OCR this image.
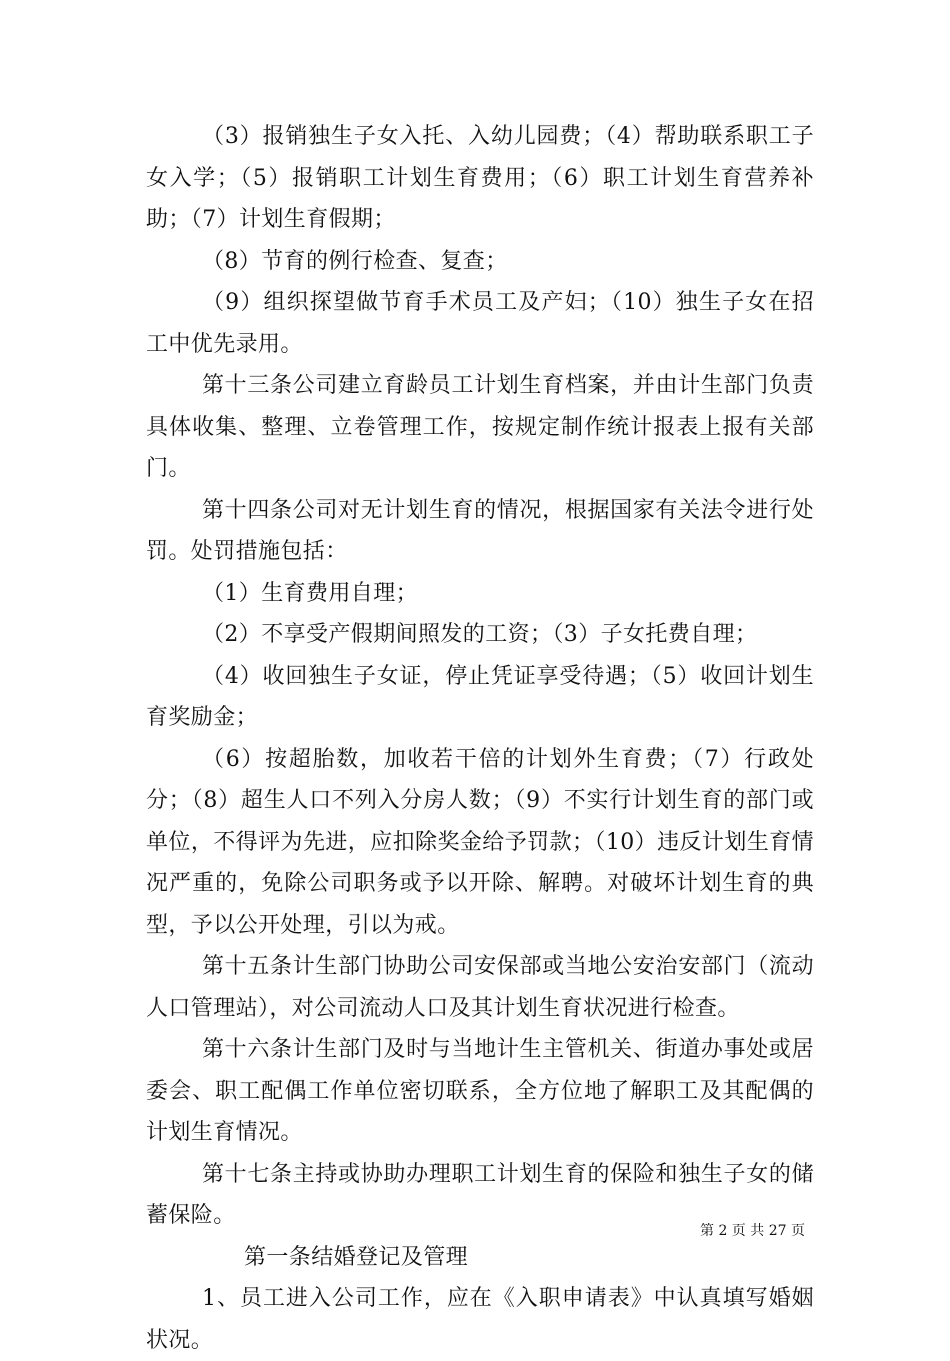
（3）报销独生子女入托、入幼儿园费；（4）帮助联系职工子女入学；（5）报销职工计划生育费用；（6）职工计划生育营养补助；（7）计划生育假期；

（8）节育的例行检查、复查；

（9）组织探望做节育手术员工及产妇；（10）独生子女在招工中优先录用。

第十三条公司建立育龄员工计划生育档案，并由计生部门负责具体收集、整理、立卷管理工作，按规定制作统计报表上报有关部门。

第十四条公司对无计划生育的情况，根据国家有关法令进行处罚。处罚措施包括：

（1）生育费用自理；

（2）不享受产假期间照发的工资；（3）子女托费自理；

（4）收回独生子女证，停止凭证享受待遇；（5）收回计划生育奖励金；

（6）按超胎数，加收若干倍的计划外生育费；（7）行政处分；（8）超生人口不列入分房人数；（9）不实行计划生育的部门或单位，不得评为先进，应扣除奖金给予罚款；（10）违反计划生育情况严重的，免除公司职务或予以开除、解聘。对破坏计划生育的典型，予以公开处理，引以为戒。

第十五条计生部门协助公司安保部或当地公安治安部门（流动人口管理站），对公司流动人口及其计划生育状况进行检查。

第十六条计生部门及时与当地计生主管机关、街道办事处或居委会、职工配偶工作单位密切联系，全方位地了解职工及其配偶的计划生育情况。

第十七条主持或协助办理职工计划生育的保险和独生子女的储蓄保险。

第一条结婚登记及管理

1、员工进入公司工作，应在《入职申请表》中认真填写婚姻状况。

第 2 页 共 27 页
